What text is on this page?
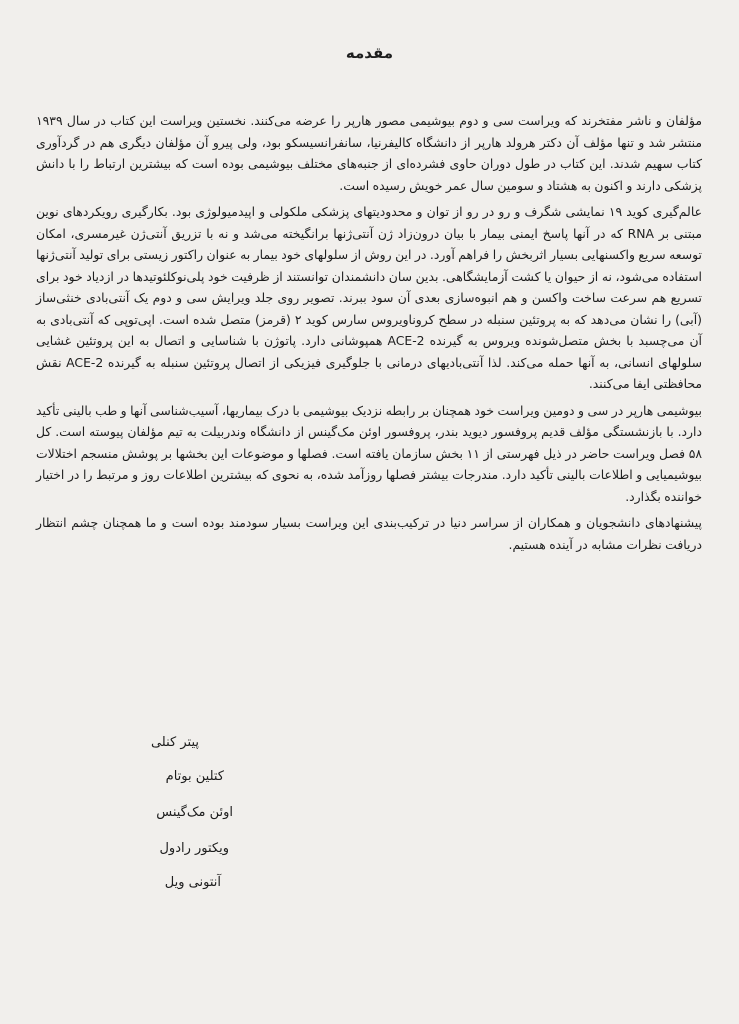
مقدمه

مؤلفان و ناشر مفتخرند که ویراست سی و دوم بیوشیمی مصور هارپر را عرضه می‌کنند. نخستین ویراست این کتاب در سال ۱۹۳۹ منتشر شد و تنها مؤلف آن دکتر هرولد هارپر از دانشگاه کالیفرنیا، سانفرانسیسکو بود، ولی پیرو آن مؤلفان دیگری هم در گردآوری کتاب سهیم شدند. این کتاب در طول دوران حاوی فشرده‌ای از جنبه‌های مختلف بیوشیمی بوده است که بیشترین ارتباط را با دانش پزشکی دارند و اکنون به هشتاد و سومین سال عمر خویش رسیده است.

عالم‌گیری کوید ۱۹ نمایشی شگرف و رو در رو از توان و محدودیتهای پزشکی ملکولی و اپیدمیولوژی بود. بکارگیری رویکردهای نوین مبتنی بر RNA که در آنها پاسخ ایمنی بیمار با بیان درون‌زاد ژن آنتی‌ژنها برانگیخته می‌شد و نه با تزریق آنتی‌ژن غیرمسری، امکان توسعه سریع واکسنهایی بسیار اثربخش را فراهم آورد. در این روش از سلولهای خود بیمار به عنوان راکتور زیستی برای تولید آنتی‌ژنها استفاده می‌شود، نه از حیوان یا کشت آزمایشگاهی. بدین سان دانشمندان توانستند از ظرفیت خود پلی‌نوکلئوتیدها در ازدیاد خود برای تسریع هم سرعت ساخت واکسن و هم انبوه‌سازی بعدی آن سود ببرند. تصویر روی جلد ویرایش سی و دوم یک آنتی‌بادی خنثی‌ساز (آبی) را نشان می‌دهد که به پروتئین سنبله در سطح کروناویروس سارس کوید ۲ (قرمز) متصل شده است. اپی‌توپی که آنتی‌بادی به آن می‌چسبد با بخش متصل‌شونده ویروس به گیرنده ACE-2 همپوشانی دارد. پاتوژن با شناسایی و اتصال به این پروتئین غشایی سلولهای انسانی، به آنها حمله می‌کند. لذا آنتی‌بادیهای درمانی با جلوگیری فیزیکی از اتصال پروتئین سنبله به گیرنده ACE-2 نقش محافظتی ایفا می‌کنند.

بیوشیمی هارپر در سی و دومین ویراست خود همچنان بر رابطه نزدیک بیوشیمی با درک بیماریها، آسیب‌شناسی آنها و طب بالینی تأکید دارد. با بازنشستگی مؤلف قدیم پروفسور دیوید بندر، پروفسور اوئن مک‌گینس از دانشگاه وندربیلت به تیم مؤلفان پیوسته است. کل ۵۸ فصل ویراست حاضر در ذیل فهرستی از ۱۱ بخش سازمان یافته است. فصلها و موضوعات این بخشها بر پوشش منسجم اختلالات بیوشیمیایی و اطلاعات بالینی تأکید دارد. مندرجات بیشتر فصلها روزآمد شده، به نحوی که بیشترین اطلاعات روز و مرتبط را در اختیار خواننده بگذارد.

پیشنهادهای دانشجویان و همکاران از سراسر دنیا در ترکیب‌بندی این ویراست بسیار سودمند بوده است و ما همچنان چشم انتظار دریافت نظرات مشابه در آینده هستیم.

پیتر کنلی
کتلین بوتام
اوئن مک‌گینس
ویکتور رادول
آنتونی ویل
